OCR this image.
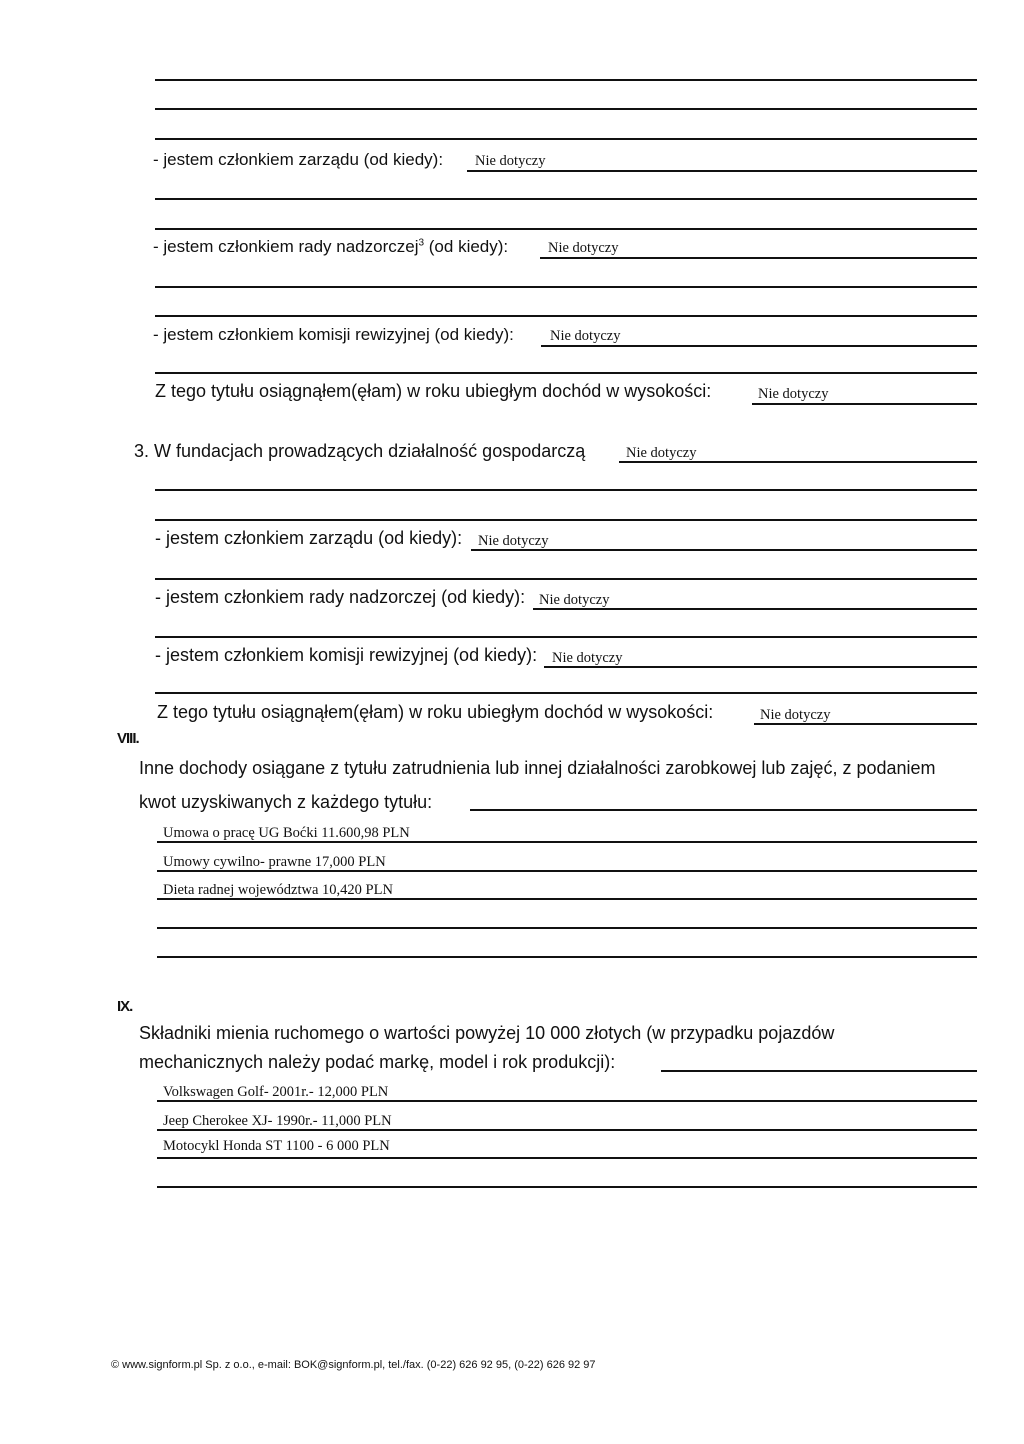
- jestem członkiem zarządu (od kiedy): Nie dotyczy
- jestem członkiem rady nadzorczej$^3$ (od kiedy):	Nie dotyczy
- jestem członkiem komisji rewizyjnej (od kiedy): Nie dotyczy
Z tego tytułu osiągnąłem(ęłam) w roku ubiegłym dochód w wysokości:	Nie dotyczy
3. W fundacjach prowadzących działalność gospodarczą	Nie dotyczy
- jestem członkiem zarządu (od kiedy): Nie dotyczy
- jestem członkiem rady nadzorczej (od kiedy): Nie dotyczy
- jestem członkiem komisji rewizyjnej (od kiedy): Nie dotyczy
Z tego tytułu osiągnąłem(ęłam) w roku ubiegłym dochód w wysokości:	Nie dotyczy
VIII.
Inne dochody osiągane z tytułu zatrudnienia lub innej działalności zarobkowej lub zajęć, z podaniem
kwot uzyskiwanych z każdego tytułu:
Umowa o pracę UG Boćki 11.600,98 PLN
Umowy cywilno- prawne 17,000 PLN
Dieta radnej województwa 10,420 PLN
IX.
Składniki mienia ruchomego o wartości powyżej 10 000 złotych (w przypadku pojazdów
mechanicznych należy podać markę, model i rok produkcji):
Volkswagen Golf- 2001r.- 12,000 PLN
Jeep Cherokee XJ- 1990r.- 11,000 PLN
Motocykl Honda ST 1100 - 6 000 PLN
© www.signform.pl Sp. z o.o., e-mail: BOK@signform.pl, tel./fax. (0-22) 626 92 95, (0-22) 626 92 97
